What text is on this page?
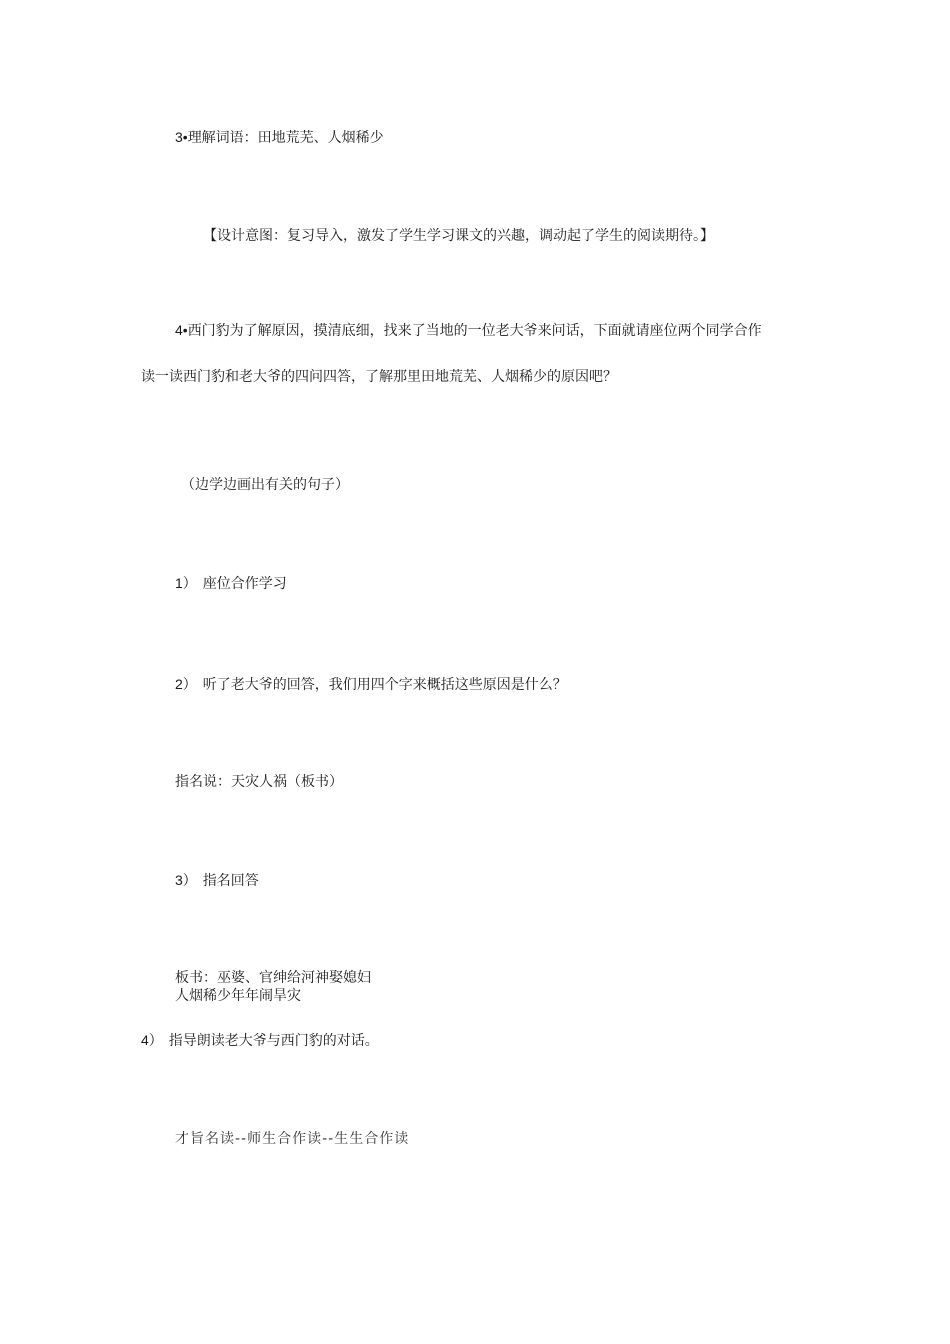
3•理解词语：田地荒芜、人烟稀少

【设计意图：复习导入，激发了学生学习课文的兴趣，调动起了学生的阅读期待。】

4•西门豹为了解原因，摸清底细，找来了当地的一位老大爷来问话，下面就请座位两个同学合作

读一读西门豹和老大爷的四问四答，了解那里田地荒芜、人烟稀少的原因吧？

（边学边画出有关的句子）

1） 座位合作学习

2） 听了老大爷的回答，我们用四个字来概括这些原因是什么？

指名说：天灾人祸（板书）

3） 指名回答

板书：巫婆、官绅给河神娶媳妇

人烟稀少年年闹旱灾

4） 指导朗读老大爷与西门豹的对话。

才旨名读--师生合作读--生生合作读
